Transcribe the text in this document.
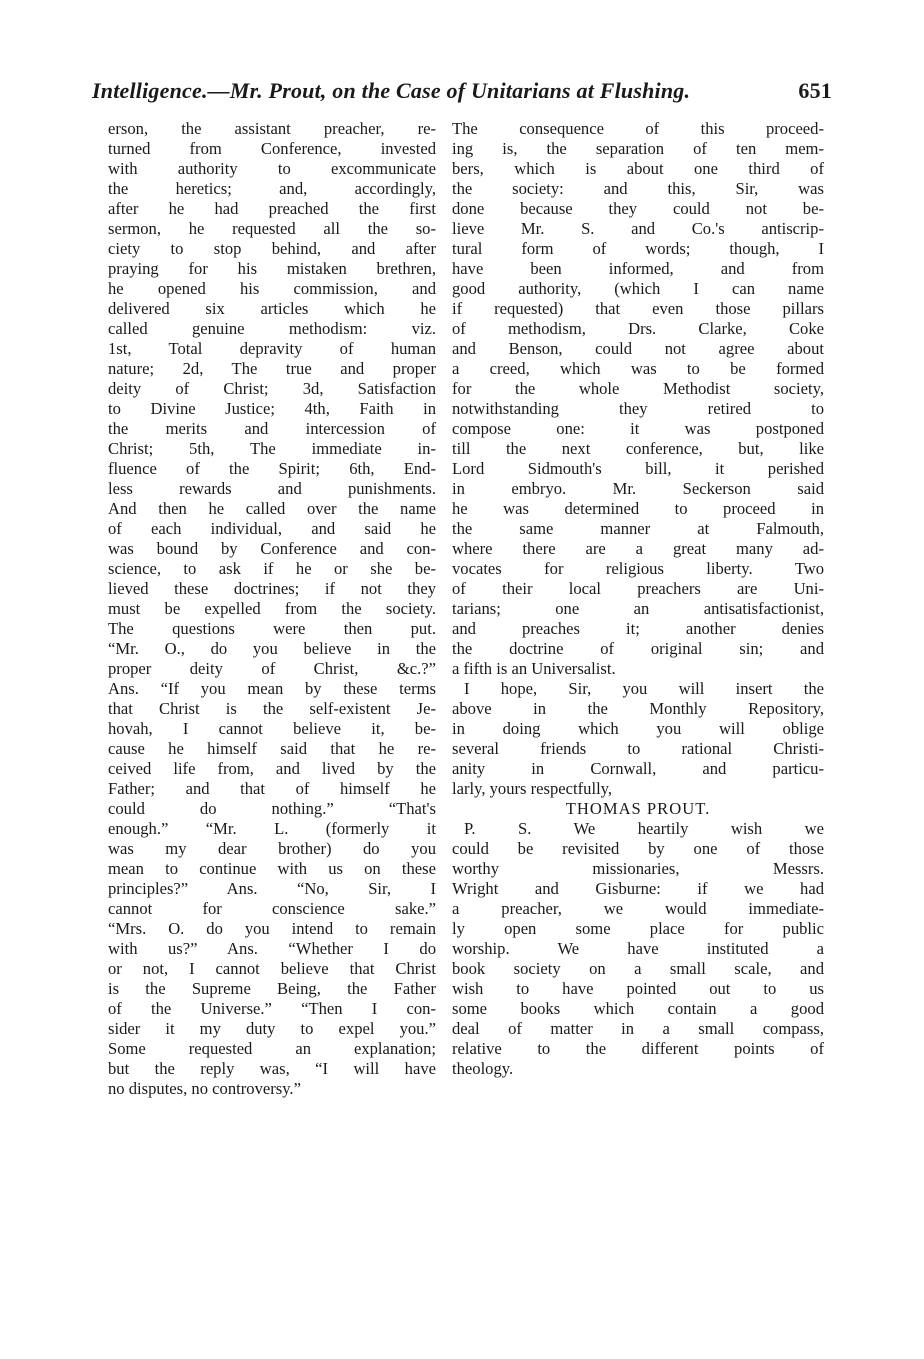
Intelligence.—Mr. Prout, on the Case of Unitarians at Flushing.	651
erson, the assistant preacher, re-
turned from Conference, invested
with authority to excommunicate
the heretics; and, accordingly,
after he had preached the first
sermon, he requested all the so-
ciety to stop behind, and after
praying for his mistaken brethren,
he opened his commission, and
delivered six articles which he
called genuine methodism: viz.
1st, Total depravity of human
nature; 2d, The true and proper
deity of Christ; 3d, Satisfaction
to Divine Justice; 4th, Faith in
the merits and intercession of
Christ; 5th, The immediate in-
fluence of the Spirit; 6th, End-
less rewards and punishments.
And then he called over the name
of each individual, and said he
was bound by Conference and con-
science, to ask if he or she be-
lieved these doctrines; if not they
must be expelled from the society.
The questions were then put.
“Mr. O., do you believe in the
proper deity of Christ, &c.?”
Ans. “If you mean by these terms
that Christ is the self-existent Je-
hovah, I cannot believe it, be-
cause he himself said that he re-
ceived life from, and lived by the
Father; and that of himself he
could do nothing.” “That's
enough.” “Mr. L. (formerly it
was my dear brother) do you
mean to continue with us on these
principles?” Ans. “No, Sir, I
cannot for conscience sake.”
“Mrs. O. do you intend to remain
with us?” Ans. “Whether I do
or not, I cannot believe that Christ
is the Supreme Being, the Father
of the Universe.” “Then I con-
sider it my duty to expel you.”
Some requested an explanation;
but the reply was, “I will have
no disputes, no controversy.”
The consequence of this proceed-
ing is, the separation of ten mem-
bers, which is about one third of
the society: and this, Sir, was
done because they could not be-
lieve Mr. S. and Co.'s antiscrip-
tural form of words; though, I
have been informed, and from
good authority, (which I can name
if requested) that even those pillars
of methodism, Drs. Clarke, Coke
and Benson, could not agree about
a creed, which was to be formed
for the whole Methodist society,
notwithstanding they retired to
compose one: it was postponed
till the next conference, but, like
Lord Sidmouth's bill, it perished
in embryo. Mr. Seckerson said
he was determined to proceed in
the same manner at Falmouth,
where there are a great many ad-
vocates for religious liberty. Two
of their local preachers are Uni-
tarians; one an antisatisfactionist,
and preaches it; another denies
the doctrine of original sin; and
a fifth is an Universalist.
I hope, Sir, you will insert the
above in the Monthly Repository,
in doing which you will oblige
several friends to rational Christi-
anity in Cornwall, and particu-
larly, yours respectfully,
THOMAS PROUT.
P. S. We heartily wish we
could be revisited by one of those
worthy missionaries, Messrs.
Wright and Gisburne: if we had
a preacher, we would immediate-
ly open some place for public
worship. We have instituted a
book society on a small scale, and
wish to have pointed out to us
some books which contain a good
deal of matter in a small compass,
relative to the different points of
theology.
